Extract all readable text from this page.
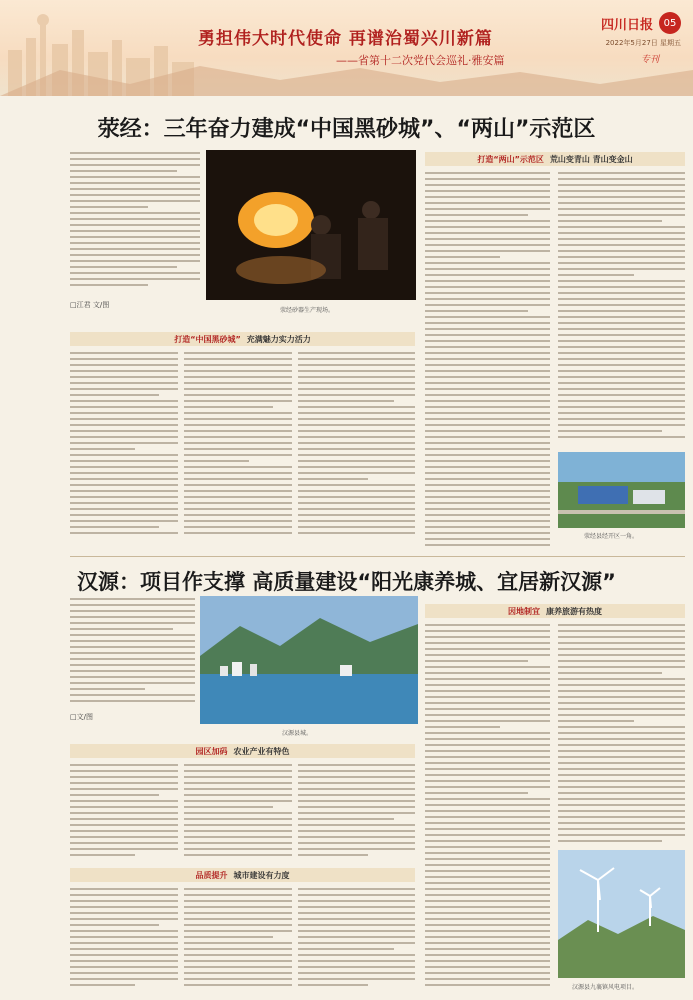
勇担伟大时代使命 再谱治蜀兴川新篇
——省第十二次党代会巡礼·雅安篇
四川日报	05
2022年5月27日 星期五
专刊
荥经：三年奋力建成“中国黑砂城”、“两山”示范区
□江君 文/图
荥经砂器生产现场。
打造“两山”示范区 荒山变青山 青山变金山
荥经县经开区一角。
打造“中国黑砂城” 充满魅力实力活力
汉源：项目作支撑 高质量建设“阳光康养城、宜居新汉源”
□文/图
汉源县城。
因地制宜 康养旅游有热度
汉源县九襄镇风电项目。
园区加码 农业产业有特色
品质提升 城市建设有力度
